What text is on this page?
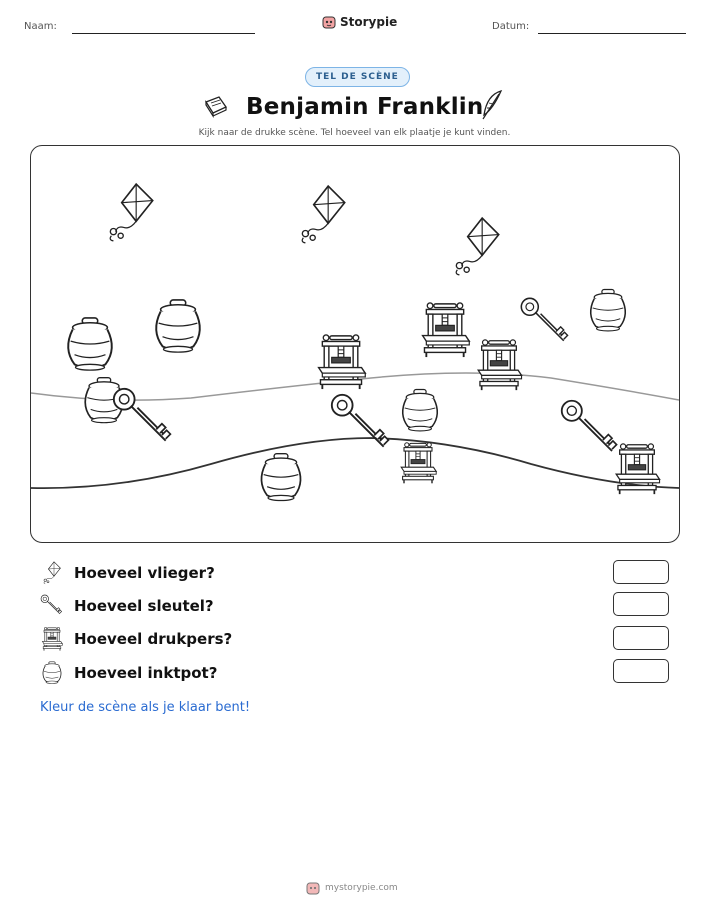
Naam:	Storypie	Datum:
TEL DE SCÈNE
Benjamin Franklin
Kijk naar de drukke scène. Tel hoeveel van elk plaatje je kunt vinden.
Hoeveel vlieger?
Hoeveel sleutel?
Hoeveel drukpers?
Hoeveel inktpot?
Kleur de scène als je klaar bent!
mystorypie.com
